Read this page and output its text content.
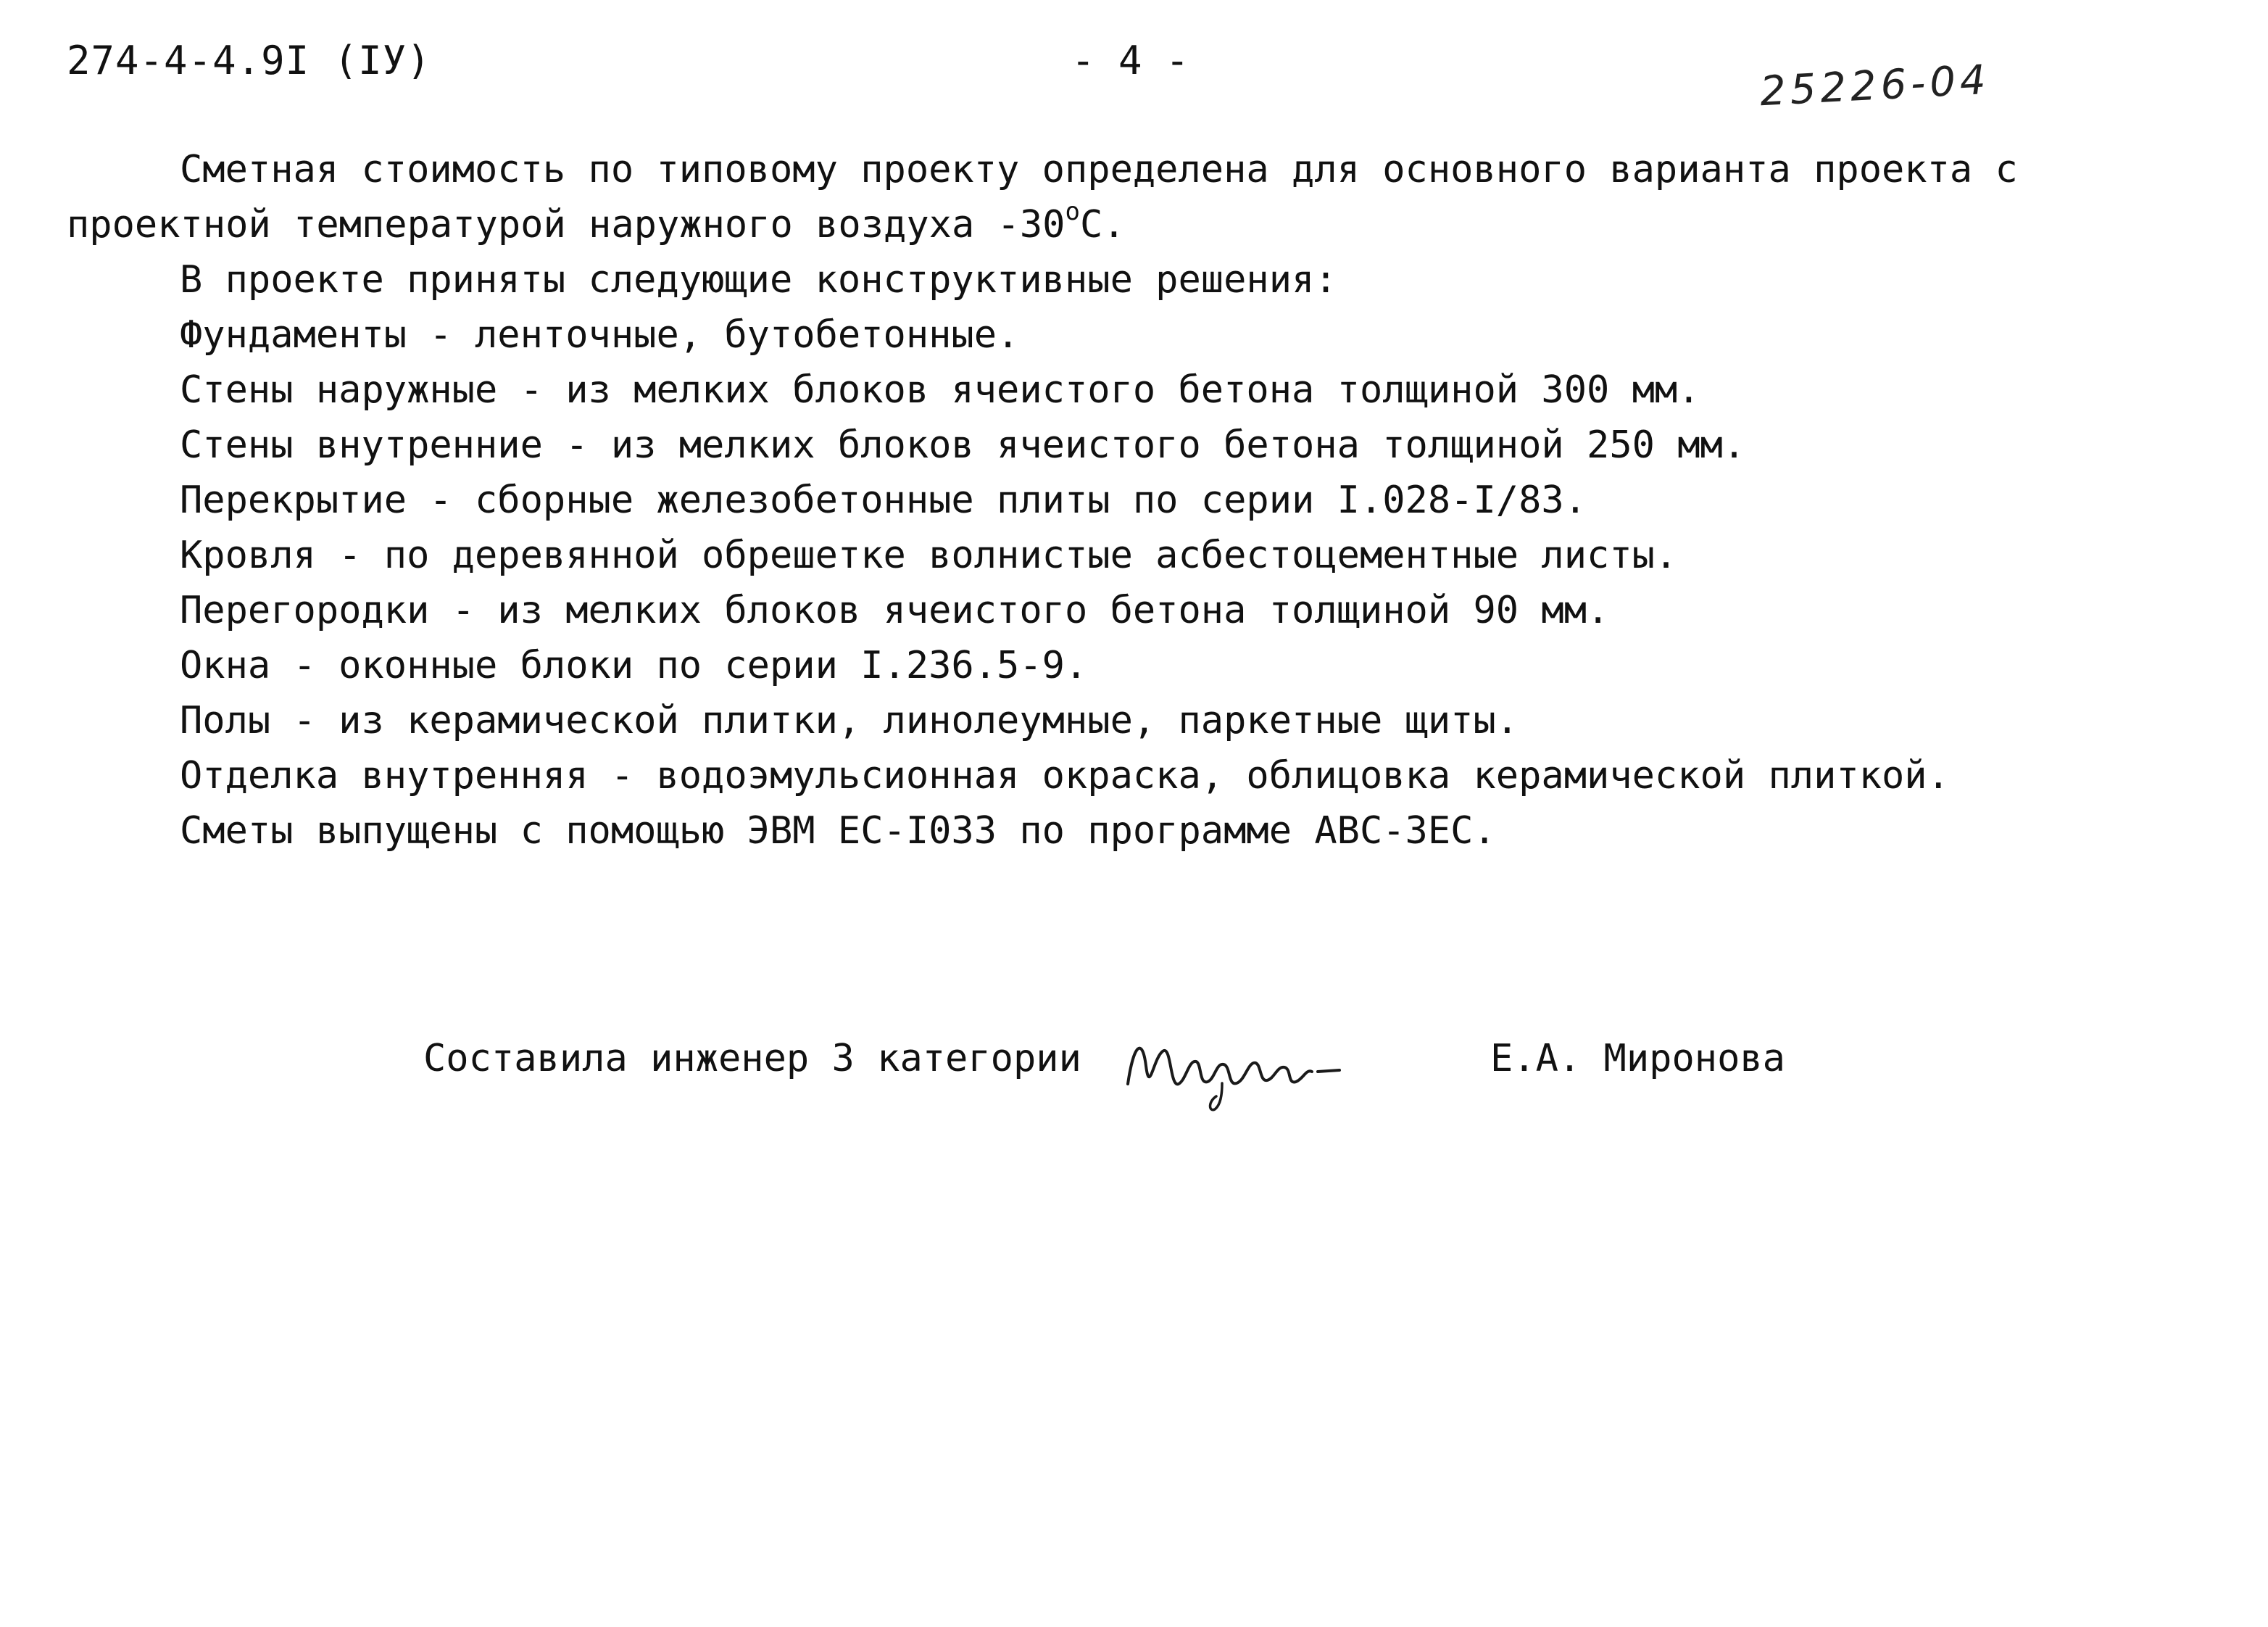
274-4-4.9I (IУ)	- 4 -	25226-04

Сметная стоимость по типовому проекту определена для основного варианта проекта с проектной температурой наружного воздуха $-30^оС$.

В проекте приняты следующие конструктивные решения:

Фундаменты - ленточные, бутобетонные.

Стены наружные - из мелких блоков ячеистого бетона толщиной 300 мм.

Стены внутренние - из мелких блоков ячеистого бетона толщиной 250 мм.

Перекрытие - сборные железобетонные плиты по серии I.028-I/83.

Кровля - по деревянной обрешетке волнистые асбестоцементные листы.

Перегородки - из мелких блоков ячеистого бетона толщиной 90 мм.

Окна - оконные блоки по серии I.236.5-9.

Полы - из керамической плитки, линолеумные, паркетные щиты.

Отделка внутренняя - водоэмульсионная окраска, облицовка керамической плиткой.

Сметы выпущены с помощью ЭВМ ЕС-I033 по программе АВС-ЗЕС.

Составила инженер 3 категории	Е.А. Миронова
